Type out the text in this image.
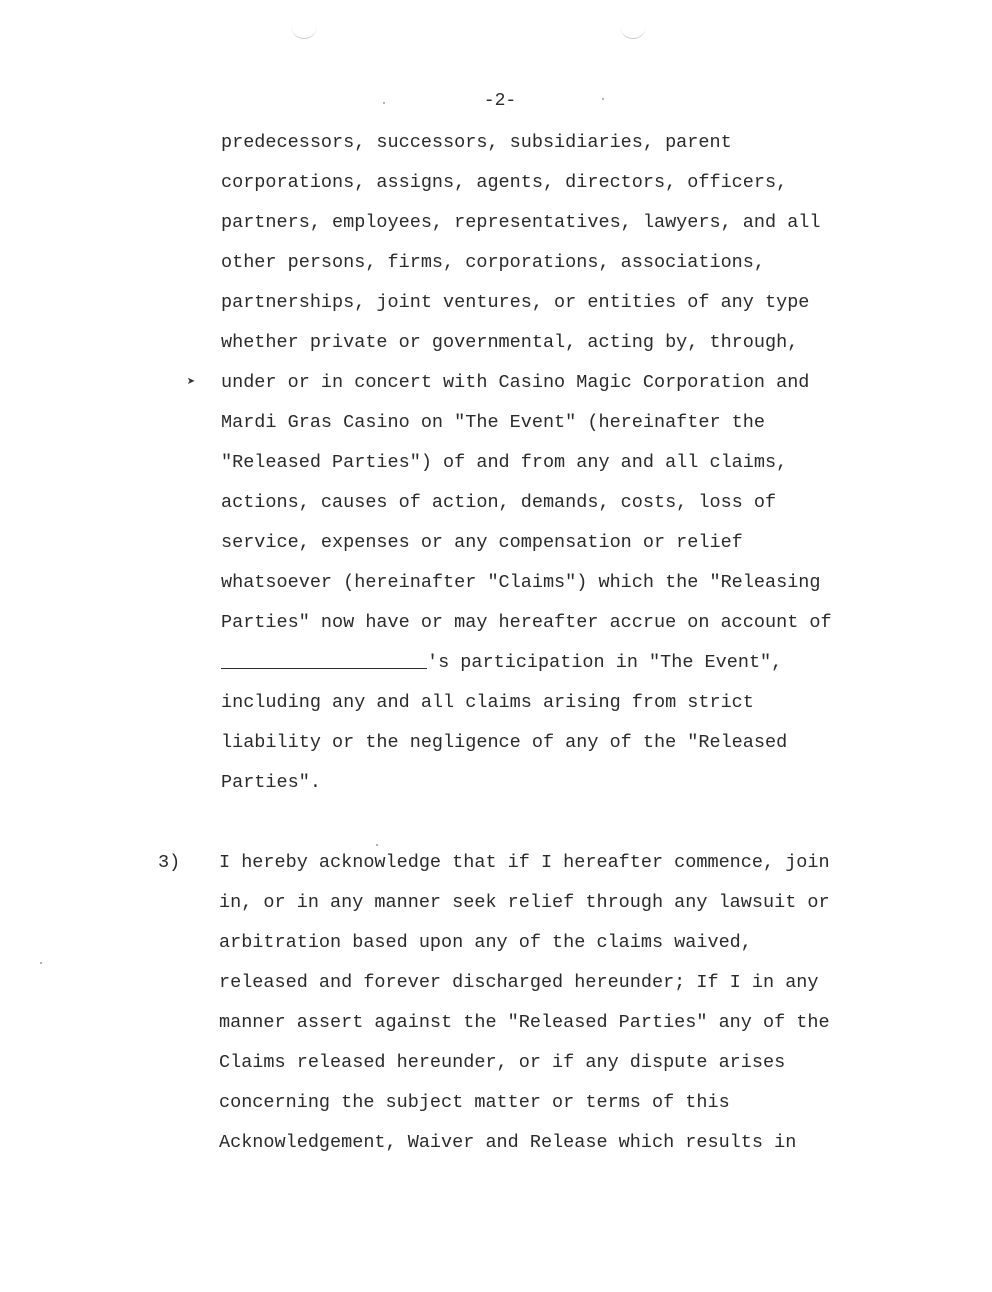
-2-
➤
predecessors, successors, subsidiaries, parent
corporations, assigns, agents, directors, officers,
partners, employees, representatives, lawyers, and all
other persons, firms, corporations, associations,
partnerships, joint ventures, or entities of any type
whether private or governmental, acting by, through,
under or in concert with Casino Magic Corporation and
Mardi Gras Casino on "The Event" (hereinafter the
"Released Parties") of and from any and all claims,
actions, causes of action, demands, costs, loss of
service, expenses or any compensation or relief
whatsoever (hereinafter "Claims") which the "Releasing
Parties" now have or may hereafter accrue on account of
's participation in "The Event",
including any and all claims arising from strict
liability or the negligence of any of the "Released
Parties".
3) I hereby acknowledge that if I hereafter commence, join
in, or in any manner seek relief through any lawsuit or
arbitration based upon any of the claims waived,
released and forever discharged hereunder; If I in any
manner assert against the "Released Parties" any of the
Claims released hereunder, or if any dispute arises
concerning the subject matter or terms of this
Acknowledgement, Waiver and Release which results in
